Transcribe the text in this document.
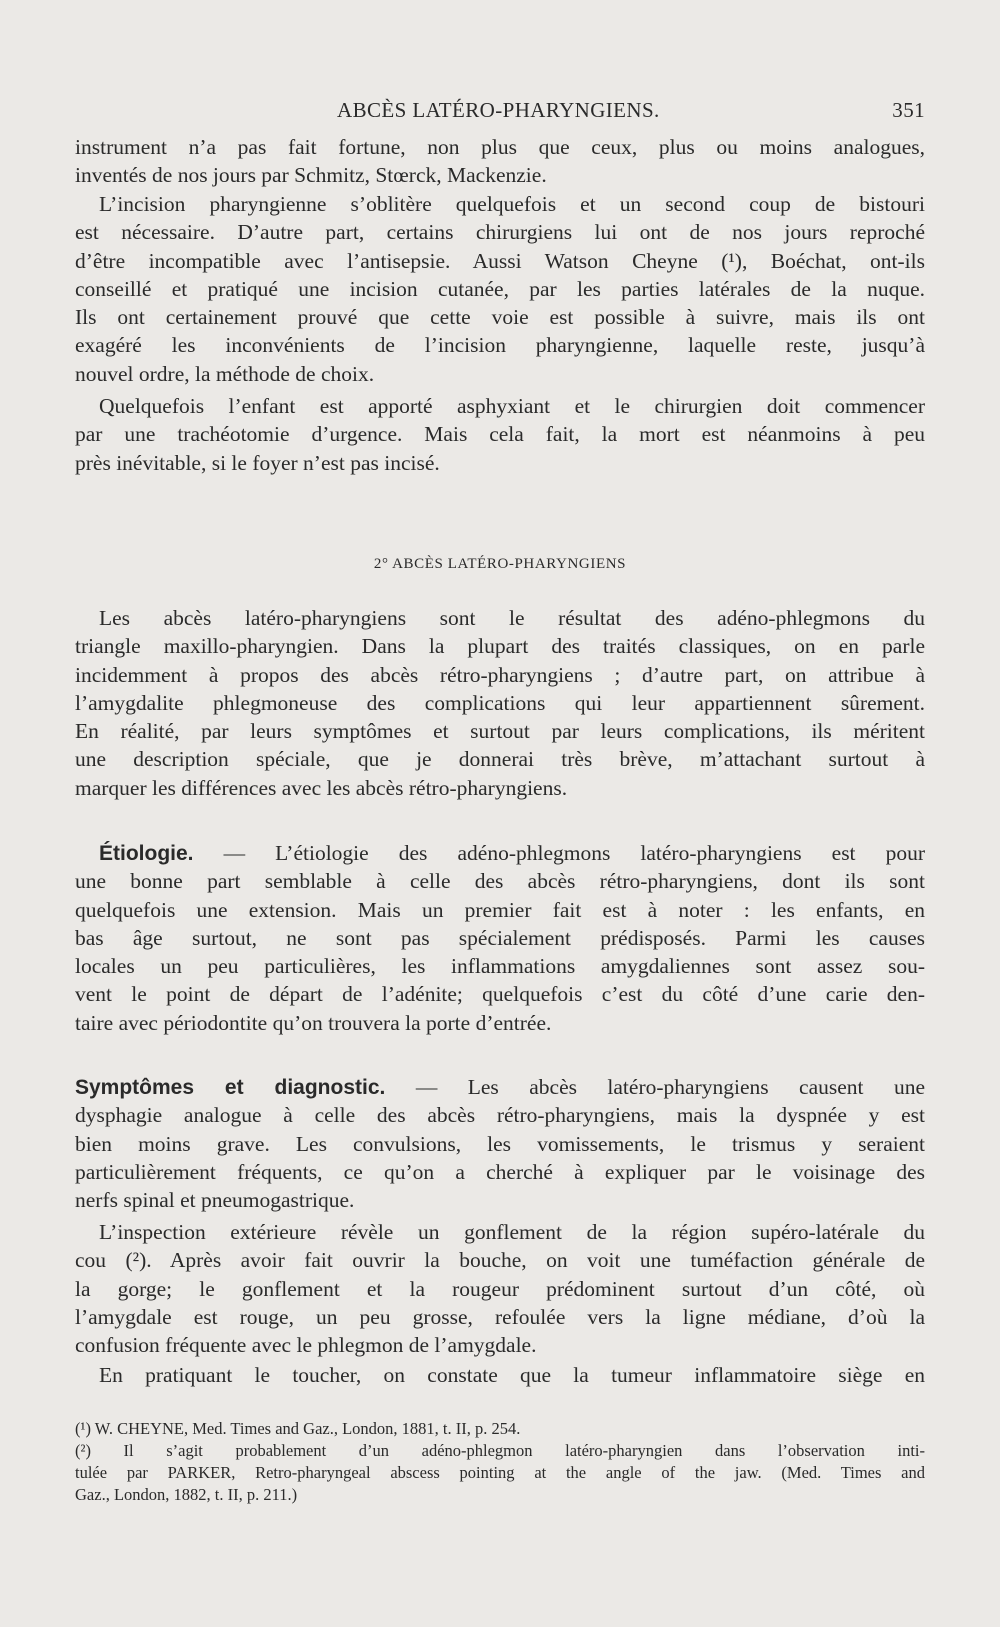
ABCÈS LATÉRO-PHARYNGIENS.	351
instrument n’a pas fait fortune, non plus que ceux, plus ou moins analogues,
inventés de nos jours par Schmitz, Stœrck, Mackenzie.
L’incision pharyngienne s’oblitère quelquefois et un second coup de bistouri
est nécessaire. D’autre part, certains chirurgiens lui ont de nos jours reproché
d’être incompatible avec l’antisepsie. Aussi Watson Cheyne (¹), Boéchat, ont-ils
conseillé et pratiqué une incision cutanée, par les parties latérales de la nuque.
Ils ont certainement prouvé que cette voie est possible à suivre, mais ils ont
exagéré les inconvénients de l’incision pharyngienne, laquelle reste, jusqu’à
nouvel ordre, la méthode de choix.
Quelquefois l’enfant est apporté asphyxiant et le chirurgien doit commencer
par une trachéotomie d’urgence. Mais cela fait, la mort est néanmoins à peu
près inévitable, si le foyer n’est pas incisé.
2° ABCÈS LATÉRO-PHARYNGIENS
Les abcès latéro-pharyngiens sont le résultat des adéno-phlegmons du
triangle maxillo-pharyngien. Dans la plupart des traités classiques, on en parle
incidemment à propos des abcès rétro-pharyngiens ; d’autre part, on attribue à
l’amygdalite phlegmoneuse des complications qui leur appartiennent sûrement.
En réalité, par leurs symptômes et surtout par leurs complications, ils méritent
une description spéciale, que je donnerai très brève, m’attachant surtout à
marquer les différences avec les abcès rétro-pharyngiens.
Étiologie. — L’étiologie des adéno-phlegmons latéro-pharyngiens est pour
une bonne part semblable à celle des abcès rétro-pharyngiens, dont ils sont
quelquefois une extension. Mais un premier fait est à noter : les enfants, en
bas âge surtout, ne sont pas spécialement prédisposés. Parmi les causes
locales un peu particulières, les inflammations amygdaliennes sont assez sou-
vent le point de départ de l’adénite; quelquefois c’est du côté d’une carie den-
taire avec périodontite qu’on trouvera la porte d’entrée.
Symptômes et diagnostic. — Les abcès latéro-pharyngiens causent une
dysphagie analogue à celle des abcès rétro-pharyngiens, mais la dyspnée y est
bien moins grave. Les convulsions, les vomissements, le trismus y seraient
particulièrement fréquents, ce qu’on a cherché à expliquer par le voisinage des
nerfs spinal et pneumogastrique.
L’inspection extérieure révèle un gonflement de la région supéro-latérale du
cou (²). Après avoir fait ouvrir la bouche, on voit une tuméfaction générale de
la gorge; le gonflement et la rougeur prédominent surtout d’un côté, où
l’amygdale est rouge, un peu grosse, refoulée vers la ligne médiane, d’où la
confusion fréquente avec le phlegmon de l’amygdale.
En pratiquant le toucher, on constate que la tumeur inflammatoire siège en
(¹) W. CHEYNE, Med. Times and Gaz., London, 1881, t. II, p. 254.
(²) Il s’agit probablement d’un adéno-phlegmon latéro-pharyngien dans l’observation inti-
tulée par PARKER, Retro-pharyngeal abscess pointing at the angle of the jaw. (Med. Times and
Gaz., London, 1882, t. II, p. 211.)
